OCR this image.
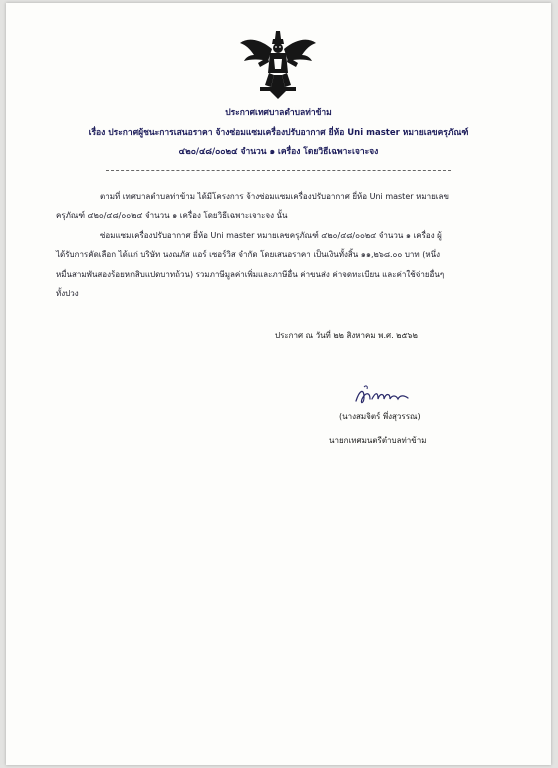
ประกาศเทศบาลตำบลท่าข้าม
เรื่อง ประกาศผู้ชนะการเสนอราคา จ้างซ่อมแซมเครื่องปรับอากาศ ยี่ห้อ Uni master หมายเลขครุภัณฑ์
๔๒๐/๔๘/๐๐๒๔ จำนวน ๑ เครื่อง โดยวิธีเฉพาะเจาะจง
ตามที่ เทศบาลตำบลท่าข้าม ได้มีโครงการ จ้างซ่อมแซมเครื่องปรับอากาศ ยี่ห้อ Uni master หมายเลข
ครุภัณฑ์ ๔๒๐/๔๘/๐๐๒๔ จำนวน ๑ เครื่อง โดยวิธีเฉพาะเจาะจง นั้น
ซ่อมแซมเครื่องปรับอากาศ ยี่ห้อ Uni master หมายเลขครุภัณฑ์ ๔๒๐/๔๘/๐๐๒๔ จำนวน ๑ เครื่อง ผู้
ได้รับการคัดเลือก ได้แก่ บริษัท นงณภัส แอร์ เซอร์วิส จำกัด โดยเสนอราคา เป็นเงินทั้งสิ้น ๑๑,๒๖๘.๐๐ บาท (หนึ่ง
หมื่นสามพันสองร้อยหกสิบแปดบาทถ้วน) รวมภาษีมูลค่าเพิ่มและภาษีอื่น ค่าขนส่ง ค่าจดทะเบียน และค่าใช้จ่ายอื่นๆ
ทั้งปวง
ประกาศ ณ วันที่ ๒๒ สิงหาคม พ.ศ. ๒๕๖๒
(นางสมจิตร์ พึ่งสุวรรณ)
นายกเทศมนตรีตำบลท่าข้าม
